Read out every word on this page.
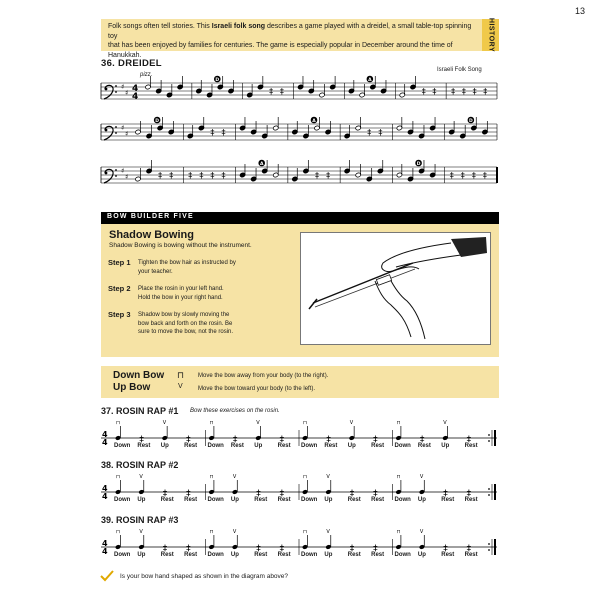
13
Folk songs often tell stories. This Israeli folk song describes a game played with a dreidel, a small table-top spinning toy
that has been enjoyed by families for centuries. The game is especially popular in December around the time of Hanukkah.
HISTORY
36. DREIDEL
Israeli Folk Song
pizz.
♯
♯ 4
4
D
‡ ‡
A
‡ ‡ ‡ ‡ ‡ ‡
♯
♯
D
‡ ‡
A
‡ ‡
D
♯
♯	‡ ‡ ‡ ‡ ‡ ‡
A
‡ ‡
D
‡ ‡ ‡ ‡
BOW BUILDER FIVE
Shadow Bowing
Shadow Bowing is bowing without the instrument.
Step 1 Tighten the bow hair as instructed by
your teacher.
Step 2 Place the rosin in your left hand.
Hold the bow in your right hand.
Step 3 Shadow bow by slowly moving the
bow back and forth on the rosin. Be
sure to move the bow, not the rosin.
Down Bow ⊓ Move the bow away from your body (to the right).
Up Bow	V	Move the bow toward your body (to the left).
37. ROSIN RAP #1 Bow these exercises on the rosin.
4
4
⊓
‡
V
‡
⊓
‡
V
‡
⊓
‡
V
‡
⊓
‡
V
‡
Down Rest Up	Rest Down Rest Up	Rest Down Rest Up	Rest Down Rest Up	Rest
38. ROSIN RAP #2
4
4
⊓	V
‡ ‡
⊓	V
‡ ‡
⊓	V
‡ ‡
⊓	V
‡ ‡
Down Up	Rest Rest Down Up	Rest Rest Down Up	Rest Rest Down Up	Rest Rest
39. ROSIN RAP #3
4
4
⊓	V
‡ ‡
⊓	V
‡ ‡
⊓	V
‡ ‡
⊓	V
‡ ‡
Down Up	Rest Rest Down Up	Rest Rest Down Up	Rest Rest Down Up	Rest Rest
Is your bow hand shaped as shown in the diagram above?
